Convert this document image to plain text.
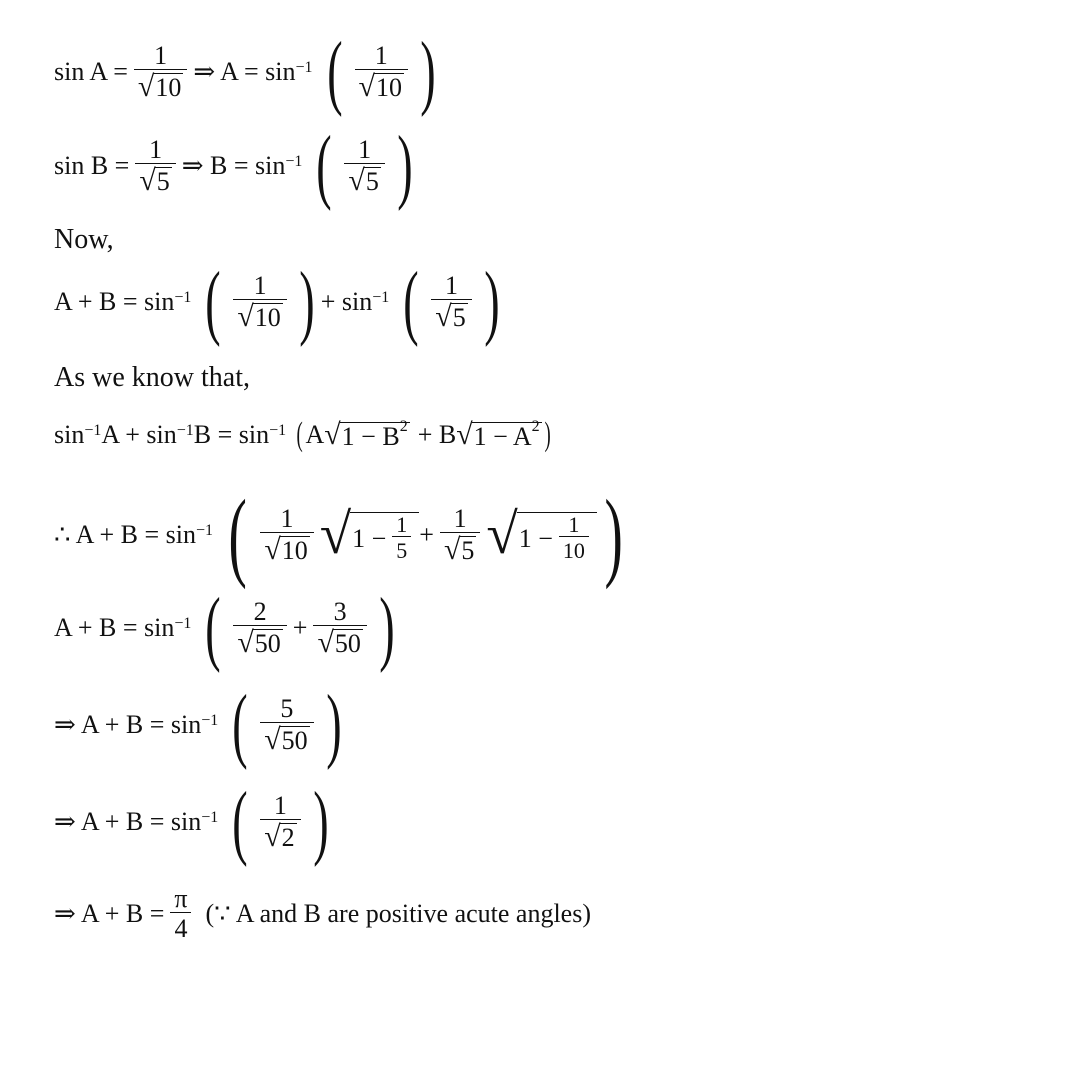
$\sin A = \frac{1}{√ 10}$ ⇒ A = sin −1 ( $\frac{1}{√ 10}$ )
$\sin B = \frac{1}{√ 5}$ ⇒ B = sin −1 ( $\frac{1}{√ 5}$ )
Now,
A + B = sin −1 ( $\frac{1}{√ 10}$ ) + sin −1 ( $\frac{1}{√ 5}$ )
As we know that,
sin −1 A + sin −1 B = sin −1 ( A √ $1 - B^2 + B$ √ $1 - A^2$ )
∴ A + B = sin −1 ( $\frac{1}{√ 10}$ √ $1 - \frac{1}{5} + \frac{1}{√ 5}$ √ $1 - \frac{1}{10}$ )
A + B = sin −1 ( $\frac{2}{√ 50} + \frac{3}{√ 50}$ )
⇒ A + B = sin −1 ( $\frac{5}{√ 50}$ )
⇒ A + B = sin −1 ( $\frac{1}{√ 2}$ )
⇒ $A + B = \frac{\pi}{4}$ (∵ A and B are positive acute angles)
